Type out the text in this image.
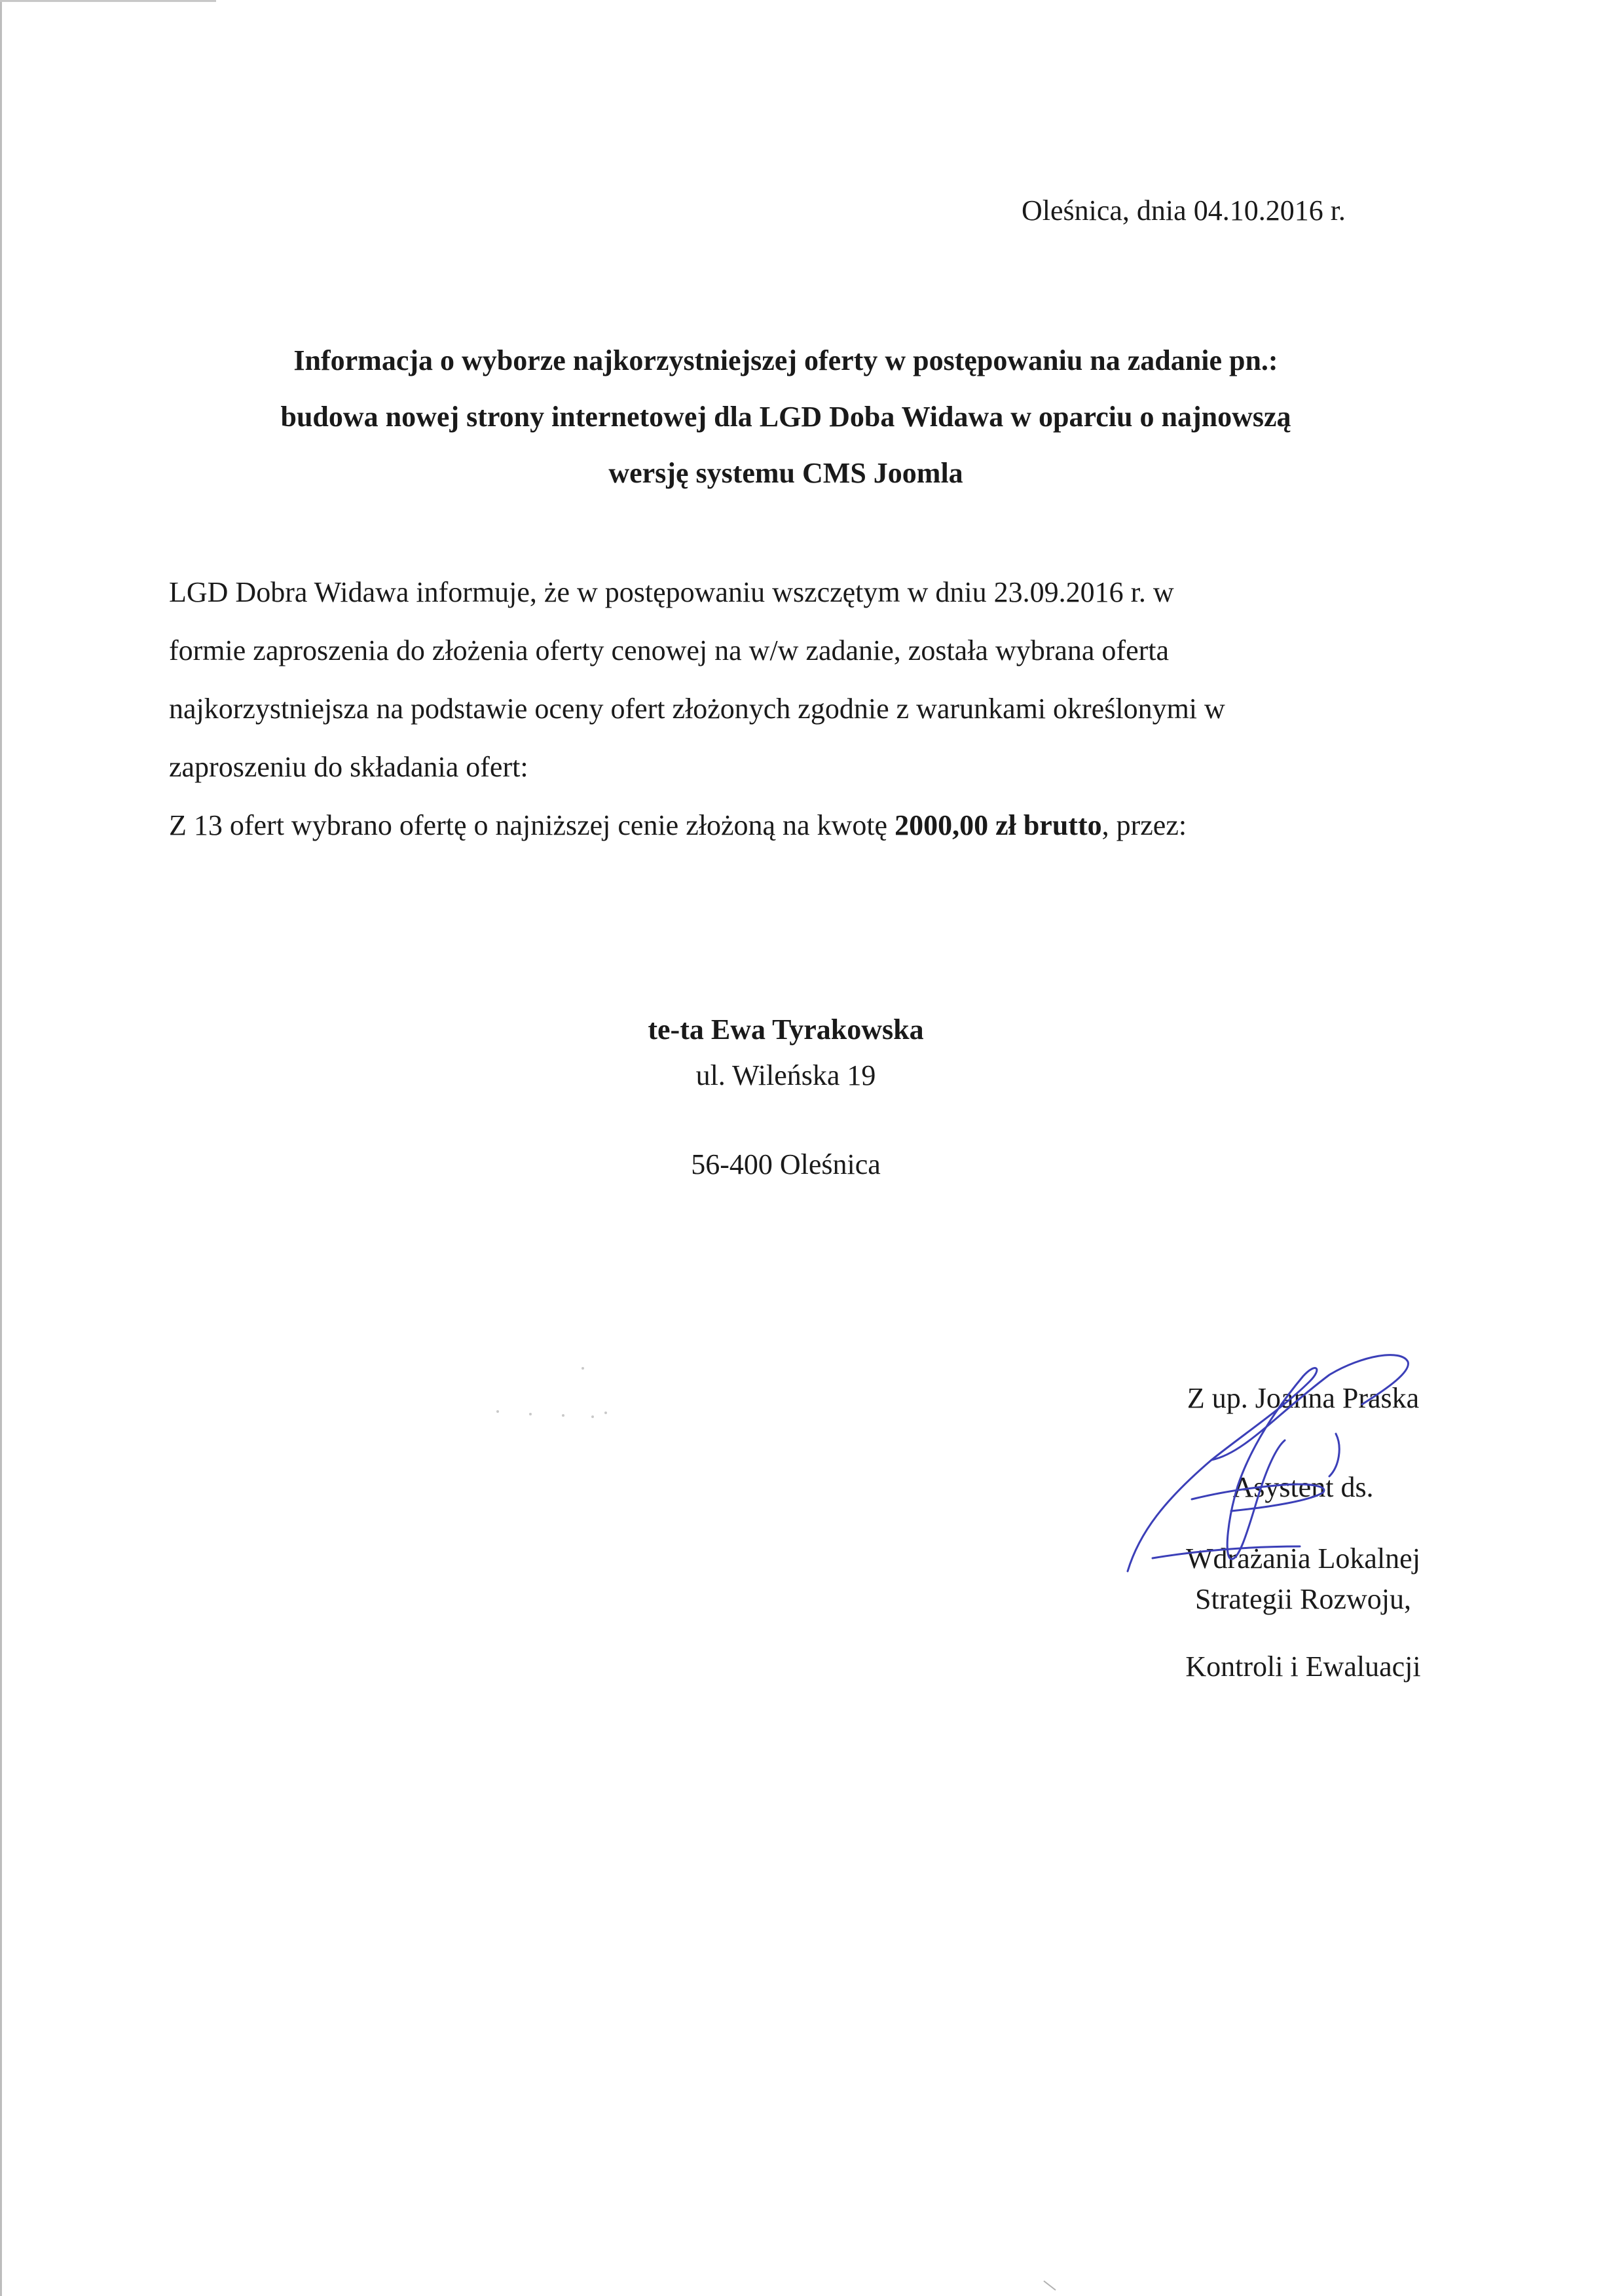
Oleśnica, dnia 04.10.2016 r.
Informacja o wyborze najkorzystniejszej oferty w postępowaniu na zadanie pn.:
budowa nowej strony internetowej dla LGD Doba Widawa w oparciu o najnowszą
wersję systemu CMS Joomla
LGD Dobra Widawa informuje, że w postępowaniu wszczętym w dniu 23.09.2016 r. w
formie zaproszenia do złożenia oferty cenowej na w/w zadanie, została wybrana oferta
najkorzystniejsza na podstawie oceny ofert złożonych zgodnie z warunkami określonymi w
zaproszeniu do składania ofert:
Z 13 ofert wybrano ofertę o najniższej cenie złożoną na kwotę 2000,00 zł brutto, przez:
te-ta Ewa Tyrakowska
ul. Wileńska 19
56-400 Oleśnica
Z up. Joanna Praska
Asystent ds.
Wdrażania Lokalnej
Strategii Rozwoju,
Kontroli i Ewaluacji
